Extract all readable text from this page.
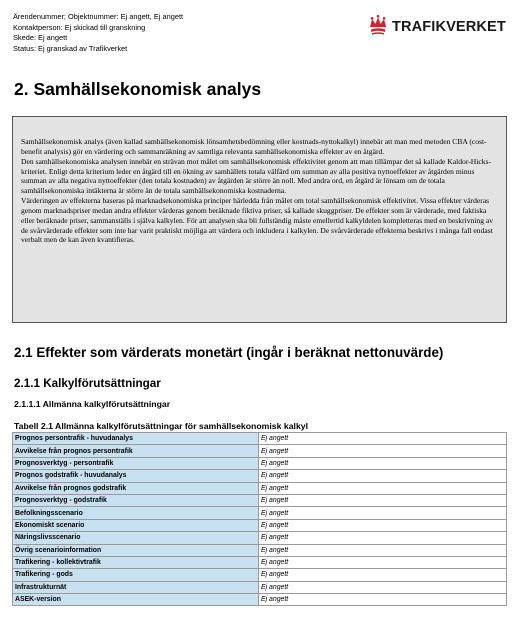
Ärendenummer; Objektnummer: Ej angett, Ej angett
Kontaktperson: Ej skickad till granskning
Skede: Ej angett
Status: Ej granskad av Trafikverket
TRAFIKVERKET
2. Samhällsekonomisk analys

Samhällsekonomisk analys (även kallad samhällsekonomisk lönsamhetsbedömning eller kostnads-nyttokalkyl) innebär att man med metoden CBA (cost-benefit analysis) gör en värdering och sammanräkning av samtliga relevanta samhällsekonomiska effekter av en åtgärd.

Den samhällsekonomiska analysen innebär en strävan mot målet om samhällsekonomisk effektivitet genom att man tillämpar det så kallade Kaldor-Hicks-kriteriet. Enligt detta kriterium leder en åtgärd till en ökning av samhällets totala välfärd om summan av alla positiva nyttoeffekter av åtgärden minus summan av alla negativa nyttoeffekter (den totala kostnaden) av åtgärden är större än noll. Med andra ord, en åtgärd är lönsam om de totala samhällsekonomiska intäkterna är större än de totala samhällsekonomiska kostnaderna.

Värderingen av effekterna baseras på marknadsekonomiska principer härledda från målet om total samhällsekonomisk effektivitet. Vissa effekter värderas genom marknadspriser medan andra effekter värderas genom beräknade fiktiva priser, så kallade skuggpriser. De effekter som är värderade, med faktiska eller beräknade priser, sammanställs i själva kalkylen. För att analysen ska bli fullständig måste emellertid kalkyldelen kompletteras med en beskrivning av de svårvärderade effekter som inte har varit praktiskt möjliga att värdera och inkludera i kalkylen. De svårvärderade effekterna beskrivs i många fall endast verbalt men de kan även kvantifieras.

2.1 Effekter som värderats monetärt (ingår i beräknat nettonuvärde)
2.1.1 Kalkylförutsättningar
2.1.1.1 Allmänna kalkylförutsättningar
Tabell 2.1 Allmänna kalkylförutsättningar för samhällsekonomisk kalkyl
Prognos persontrafik - huvudanalys	Ej angett
Avvikelse från prognos persontrafik	Ej angett
Prognosverktyg - persontrafik	Ej angett
Prognos godstrafik - huvudanalys	Ej angett
Avvikelse från prognos godstrafik	Ej angett
Prognosverktyg - godstrafik	Ej angett
Befolkningsscenario	Ej angett
Ekonomiskt scenario	Ej angett
Näringslivsscenario	Ej angett
Övrig scenarioinformation	Ej angett
Trafikering - kollektivtrafik	Ej angett
Trafikering - gods	Ej angett
Infrastrukturnät	Ej angett
ASEK-version	Ej angett
